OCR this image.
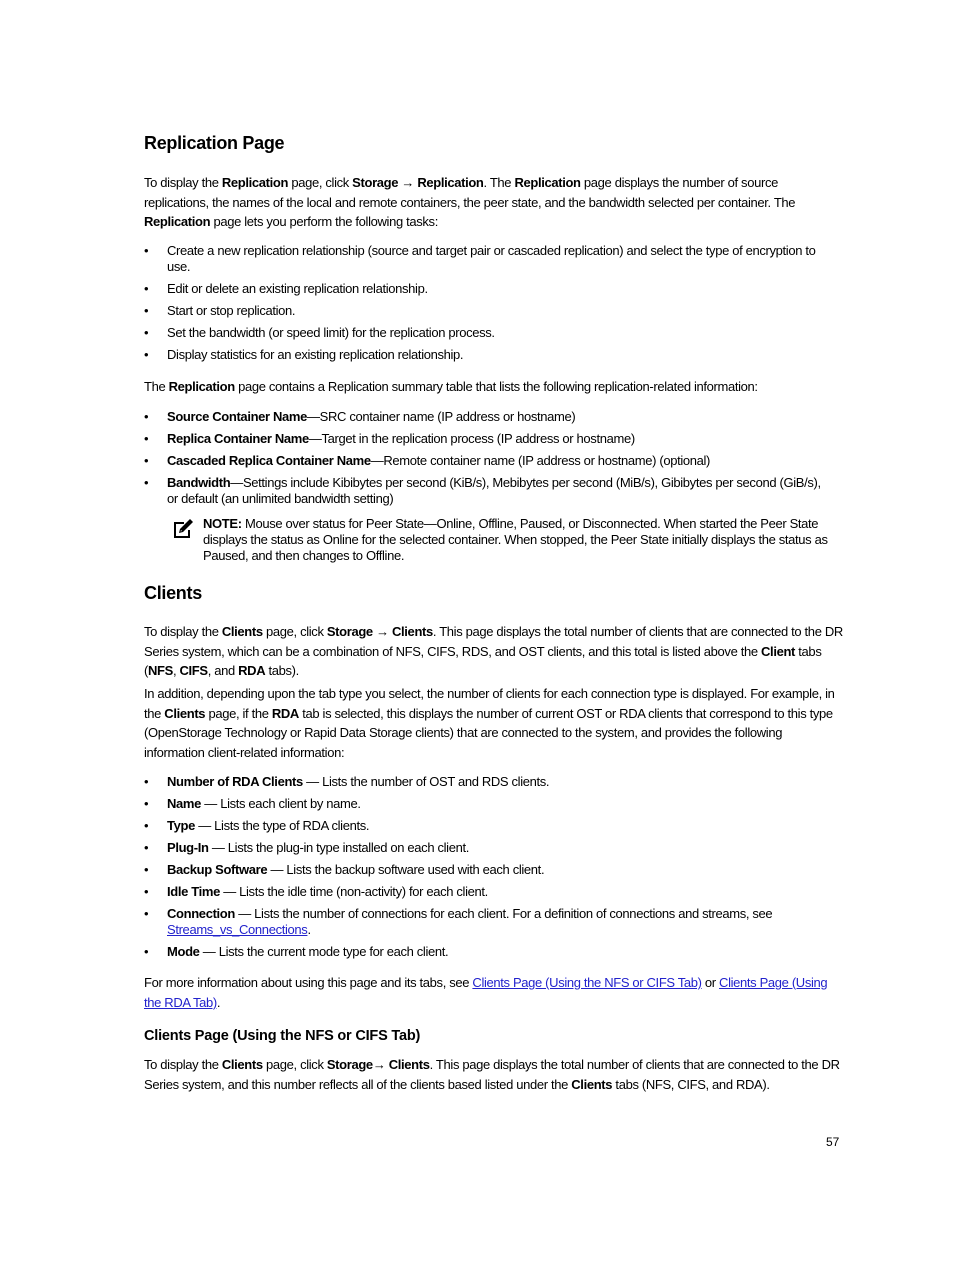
Replication Page

To display the Replication page, click Storage → Replication. The Replication page displays the number of source replications, the names of the local and remote containers, the peer state, and the bandwidth selected per container. The Replication page lets you perform the following tasks:

• Create a new replication relationship (source and target pair or cascaded replication) and select the type of encryption to use.
• Edit or delete an existing replication relationship.
• Start or stop replication.
• Set the bandwidth (or speed limit) for the replication process.
• Display statistics for an existing replication relationship.

The Replication page contains a Replication summary table that lists the following replication-related information:

• Source Container Name—SRC container name (IP address or hostname)
• Replica Container Name—Target in the replication process (IP address or hostname)
• Cascaded Replica Container Name—Remote container name (IP address or hostname) (optional)
• Bandwidth—Settings include Kibibytes per second (KiB/s), Mebibytes per second (MiB/s), Gibibytes per second (GiB/s), or default (an unlimited bandwidth setting)

NOTE: Mouse over status for Peer State—Online, Offline, Paused, or Disconnected. When started the Peer State displays the status as Online for the selected container. When stopped, the Peer State initially displays the status as Paused, and then changes to Offline.

Clients

To display the Clients page, click Storage → Clients. This page displays the total number of clients that are connected to the DR Series system, which can be a combination of NFS, CIFS, RDS, and OST clients, and this total is listed above the Client tabs (NFS, CIFS, and RDA tabs).

In addition, depending upon the tab type you select, the number of clients for each connection type is displayed. For example, in the Clients page, if the RDA tab is selected, this displays the number of current OST or RDA clients that correspond to this type (OpenStorage Technology or Rapid Data Storage clients) that are connected to the system, and provides the following information client-related information:

• Number of RDA Clients — Lists the number of OST and RDS clients.
• Name — Lists each client by name.
• Type — Lists the type of RDA clients.
• Plug-In — Lists the plug-in type installed on each client.
• Backup Software — Lists the backup software used with each client.
• Idle Time — Lists the idle time (non-activity) for each client.
• Connection — Lists the number of connections for each client. For a definition of connections and streams, see Streams_vs_Connections.
• Mode — Lists the current mode type for each client.

For more information about using this page and its tabs, see Clients Page (Using the NFS or CIFS Tab) or Clients Page (Using the RDA Tab).

Clients Page (Using the NFS or CIFS Tab)

To display the Clients page, click Storage→ Clients. This page displays the total number of clients that are connected to the DR Series system, and this number reflects all of the clients based listed under the Clients tabs (NFS, CIFS, and RDA).

57
